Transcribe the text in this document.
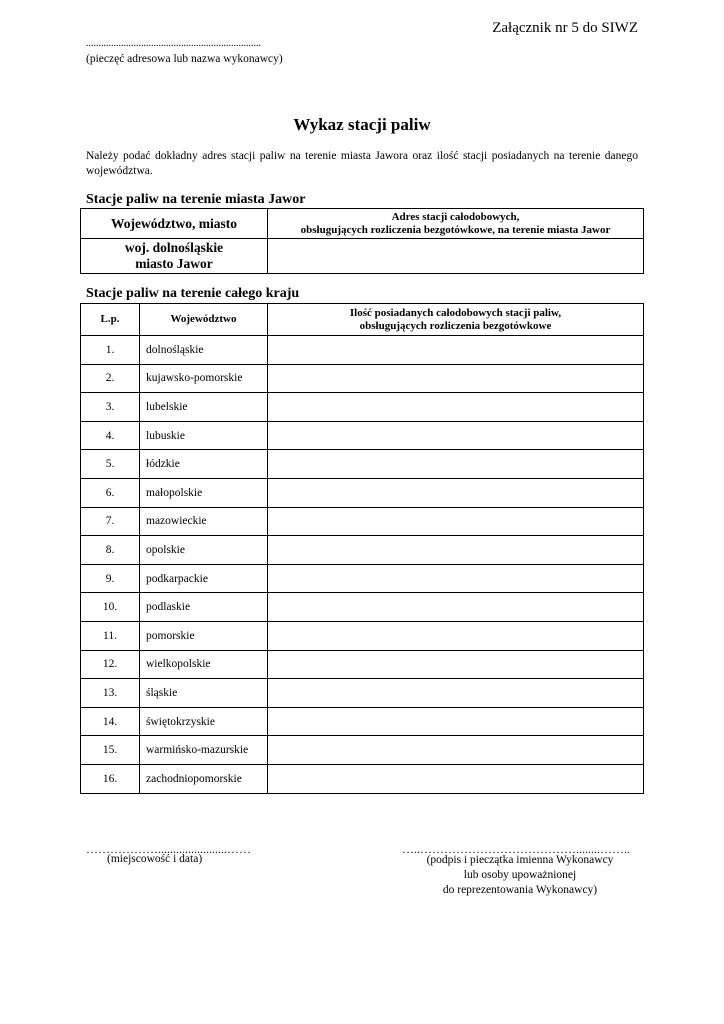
Załącznik nr 5 do SIWZ
......................................................................
(pieczęć adresowa lub nazwa wykonawcy)
Wykaz stacji paliw
Należy podać dokładny adres stacji paliw na terenie miasta Jawora oraz ilość stacji posiadanych na terenie danego województwa.
Stacje paliw na terenie miasta Jawor
Województwo, miasto	Adres stacji całodobowych,
obsługujących rozliczenia bezgotówkowe, na terenie miasta Jawor

woj. dolnośląskie
miasto Jawor	

Stacje paliw na terenie całego kraju
L.p.	Województwo	Ilość posiadanych całodobowych stacji paliw,
obsługujących rozliczenia bezgotówkowe

1.	dolnośląskie	
2.	kujawsko-pomorskie	
3.	lubelskie	
4.	lubuskie	
5.	łódzkie	
6.	małopolskie	
7.	mazowieckie	
8.	opolskie	
9.	podkarpackie	
10.	podlaskie	
11.	pomorskie	
12.	wielkopolskie	
13.	śląskie	
14.	świętokrzyskie	
15.	warmińsko-mazurskie	
16.	zachodniopomorskie	
……………….......................……
(miejscowość i data)
…..…………………………………........……..
(podpis i pieczątka imienna Wykonawcy
lub osoby upoważnionej
do reprezentowania Wykonawcy)
